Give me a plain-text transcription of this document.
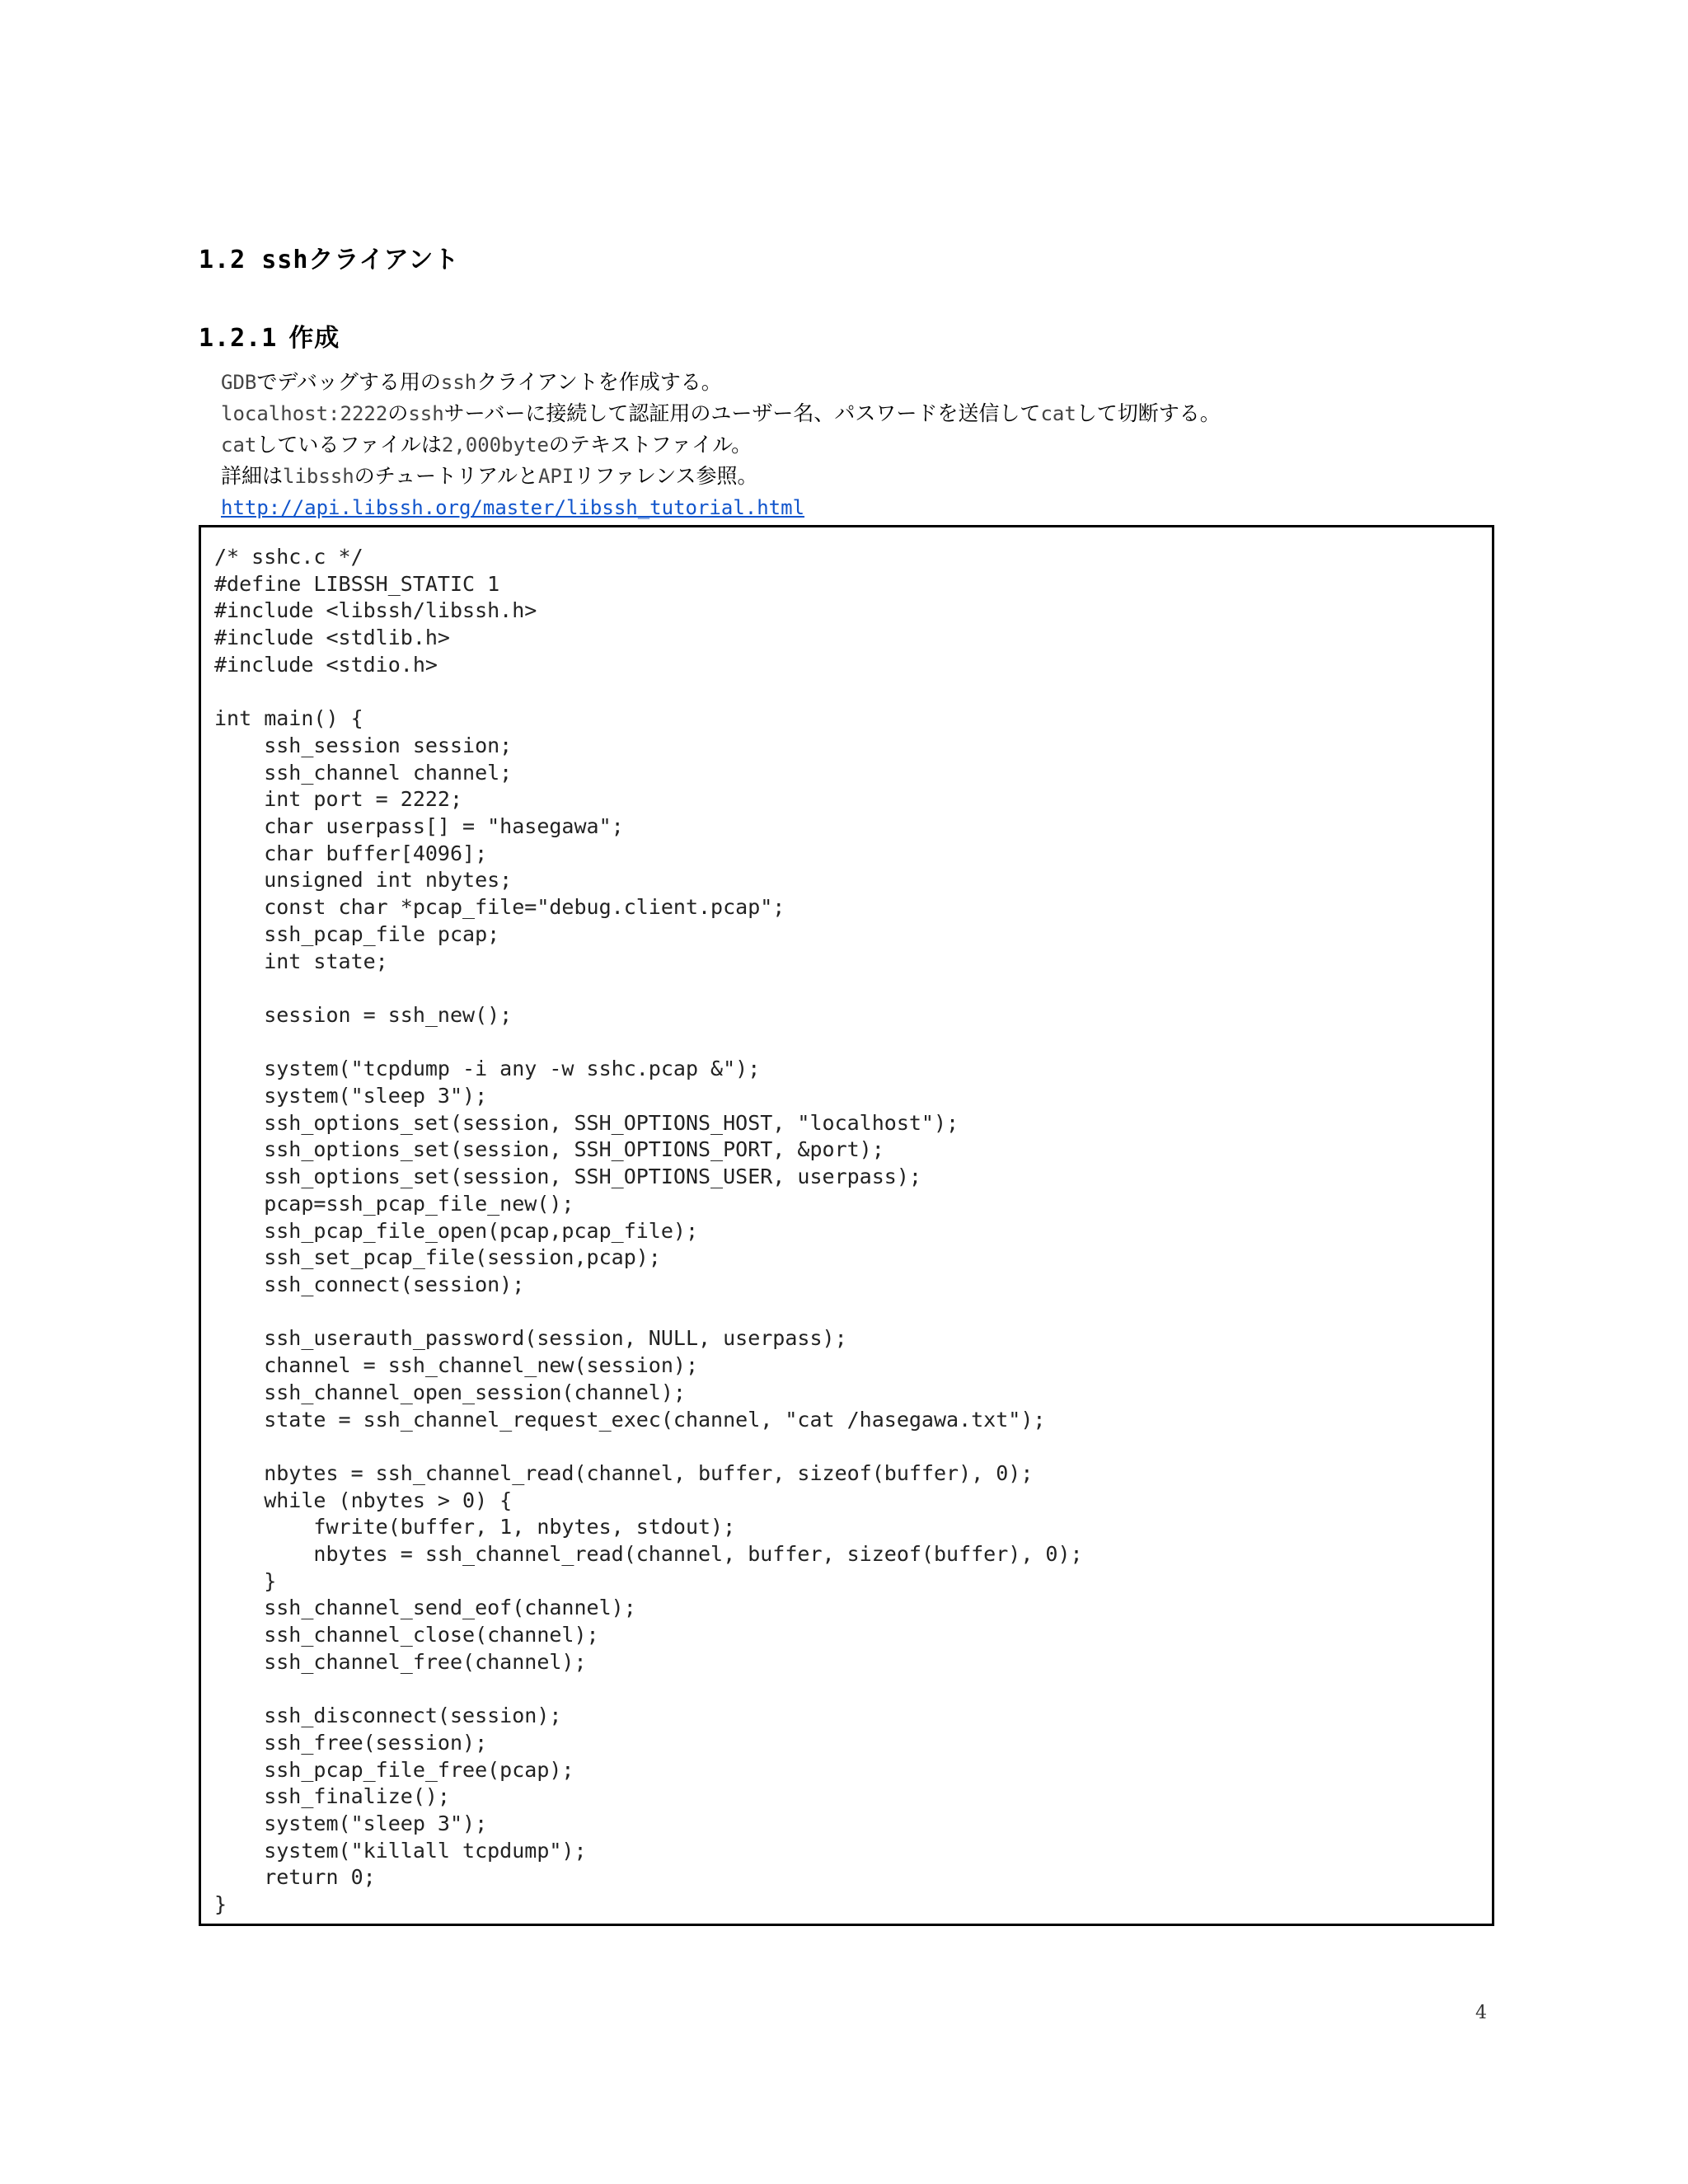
1.2 sshクライアント
1.2.1 作成
GDBでデバッグする用のsshクライアントを作成する。
localhost:2222のsshサーバーに接続して認証用のユーザー名、パスワードを送信してcatして切断する。
catしているファイルは2,000byteのテキストファイル。
詳細はlibsshのチュートリアルとAPIリファレンス参照。
http://api.libssh.org/master/libssh_tutorial.html
/* sshc.c */
#define LIBSSH_STATIC 1
#include <libssh/libssh.h>
#include <stdlib.h>
#include <stdio.h>

int main() {
ssh_session session;
ssh_channel channel;
int port = 2222;
char userpass[] = "hasegawa";
char buffer[4096];
unsigned int nbytes;
const char *pcap_file="debug.client.pcap";
ssh_pcap_file pcap;
int state;

session = ssh_new();

system("tcpdump -i any -w sshc.pcap &");
system("sleep 3");
ssh_options_set(session, SSH_OPTIONS_HOST, "localhost");
ssh_options_set(session, SSH_OPTIONS_PORT, &port);
ssh_options_set(session, SSH_OPTIONS_USER, userpass);
pcap=ssh_pcap_file_new();
ssh_pcap_file_open(pcap,pcap_file);
ssh_set_pcap_file(session,pcap);
ssh_connect(session);

ssh_userauth_password(session, NULL, userpass);
channel = ssh_channel_new(session);
ssh_channel_open_session(channel);
state = ssh_channel_request_exec(channel, "cat /hasegawa.txt");

nbytes = ssh_channel_read(channel, buffer, sizeof(buffer), 0);
while (nbytes > 0) {
fwrite(buffer, 1, nbytes, stdout);
nbytes = ssh_channel_read(channel, buffer, sizeof(buffer), 0);
}
ssh_channel_send_eof(channel);
ssh_channel_close(channel);
ssh_channel_free(channel);

ssh_disconnect(session);
ssh_free(session);
ssh_pcap_file_free(pcap);
ssh_finalize();
system("sleep 3");
system("killall tcpdump");
return 0;
}
4
